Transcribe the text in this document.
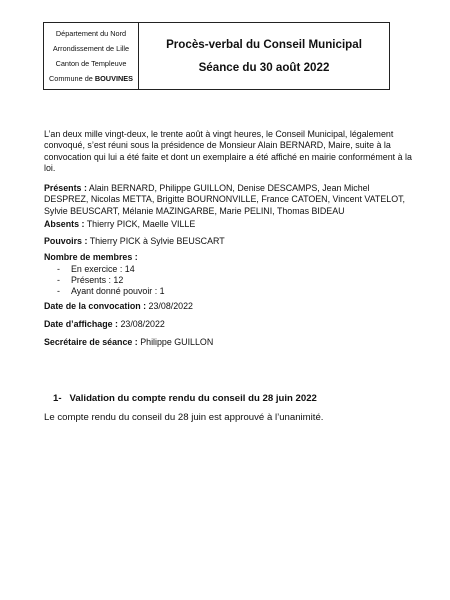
Département du Nord
Arrondissement de Lille
Canton de Templeuve
Commune de BOUVINES
Procès-verbal du Conseil Municipal
Séance du 30 août 2022
L’an deux mille vingt-deux, le trente août à vingt heures, le Conseil Municipal, légalement convoqué, s’est réuni sous la présidence de Monsieur Alain BERNARD, Maire, suite à la convocation qui lui a été faite et dont un exemplaire a été affiché en mairie conformément à la loi.
Présents : Alain BERNARD, Philippe GUILLON, Denise DESCAMPS, Jean Michel DESPREZ, Nicolas METTA, Brigitte BOURNONVILLE, France CATOEN, Vincent VATELOT, Sylvie BEUSCART, Mélanie MAZINGARBE, Marie PELINI, Thomas BIDEAU
Absents : Thierry PICK, Maelle VILLE
Pouvoirs : Thierry PICK à Sylvie BEUSCART
Nombre de membres :
-	En exercice : 14
-	Présents : 12
-	Ayant donné pouvoir : 1
Date de la convocation : 23/08/2022
Date d’affichage : 23/08/2022
Secrétaire de séance : Philippe GUILLON
1- Validation du compte rendu du conseil du 28 juin 2022
Le compte rendu du conseil du 28 juin est approuvé à l’unanimité.
